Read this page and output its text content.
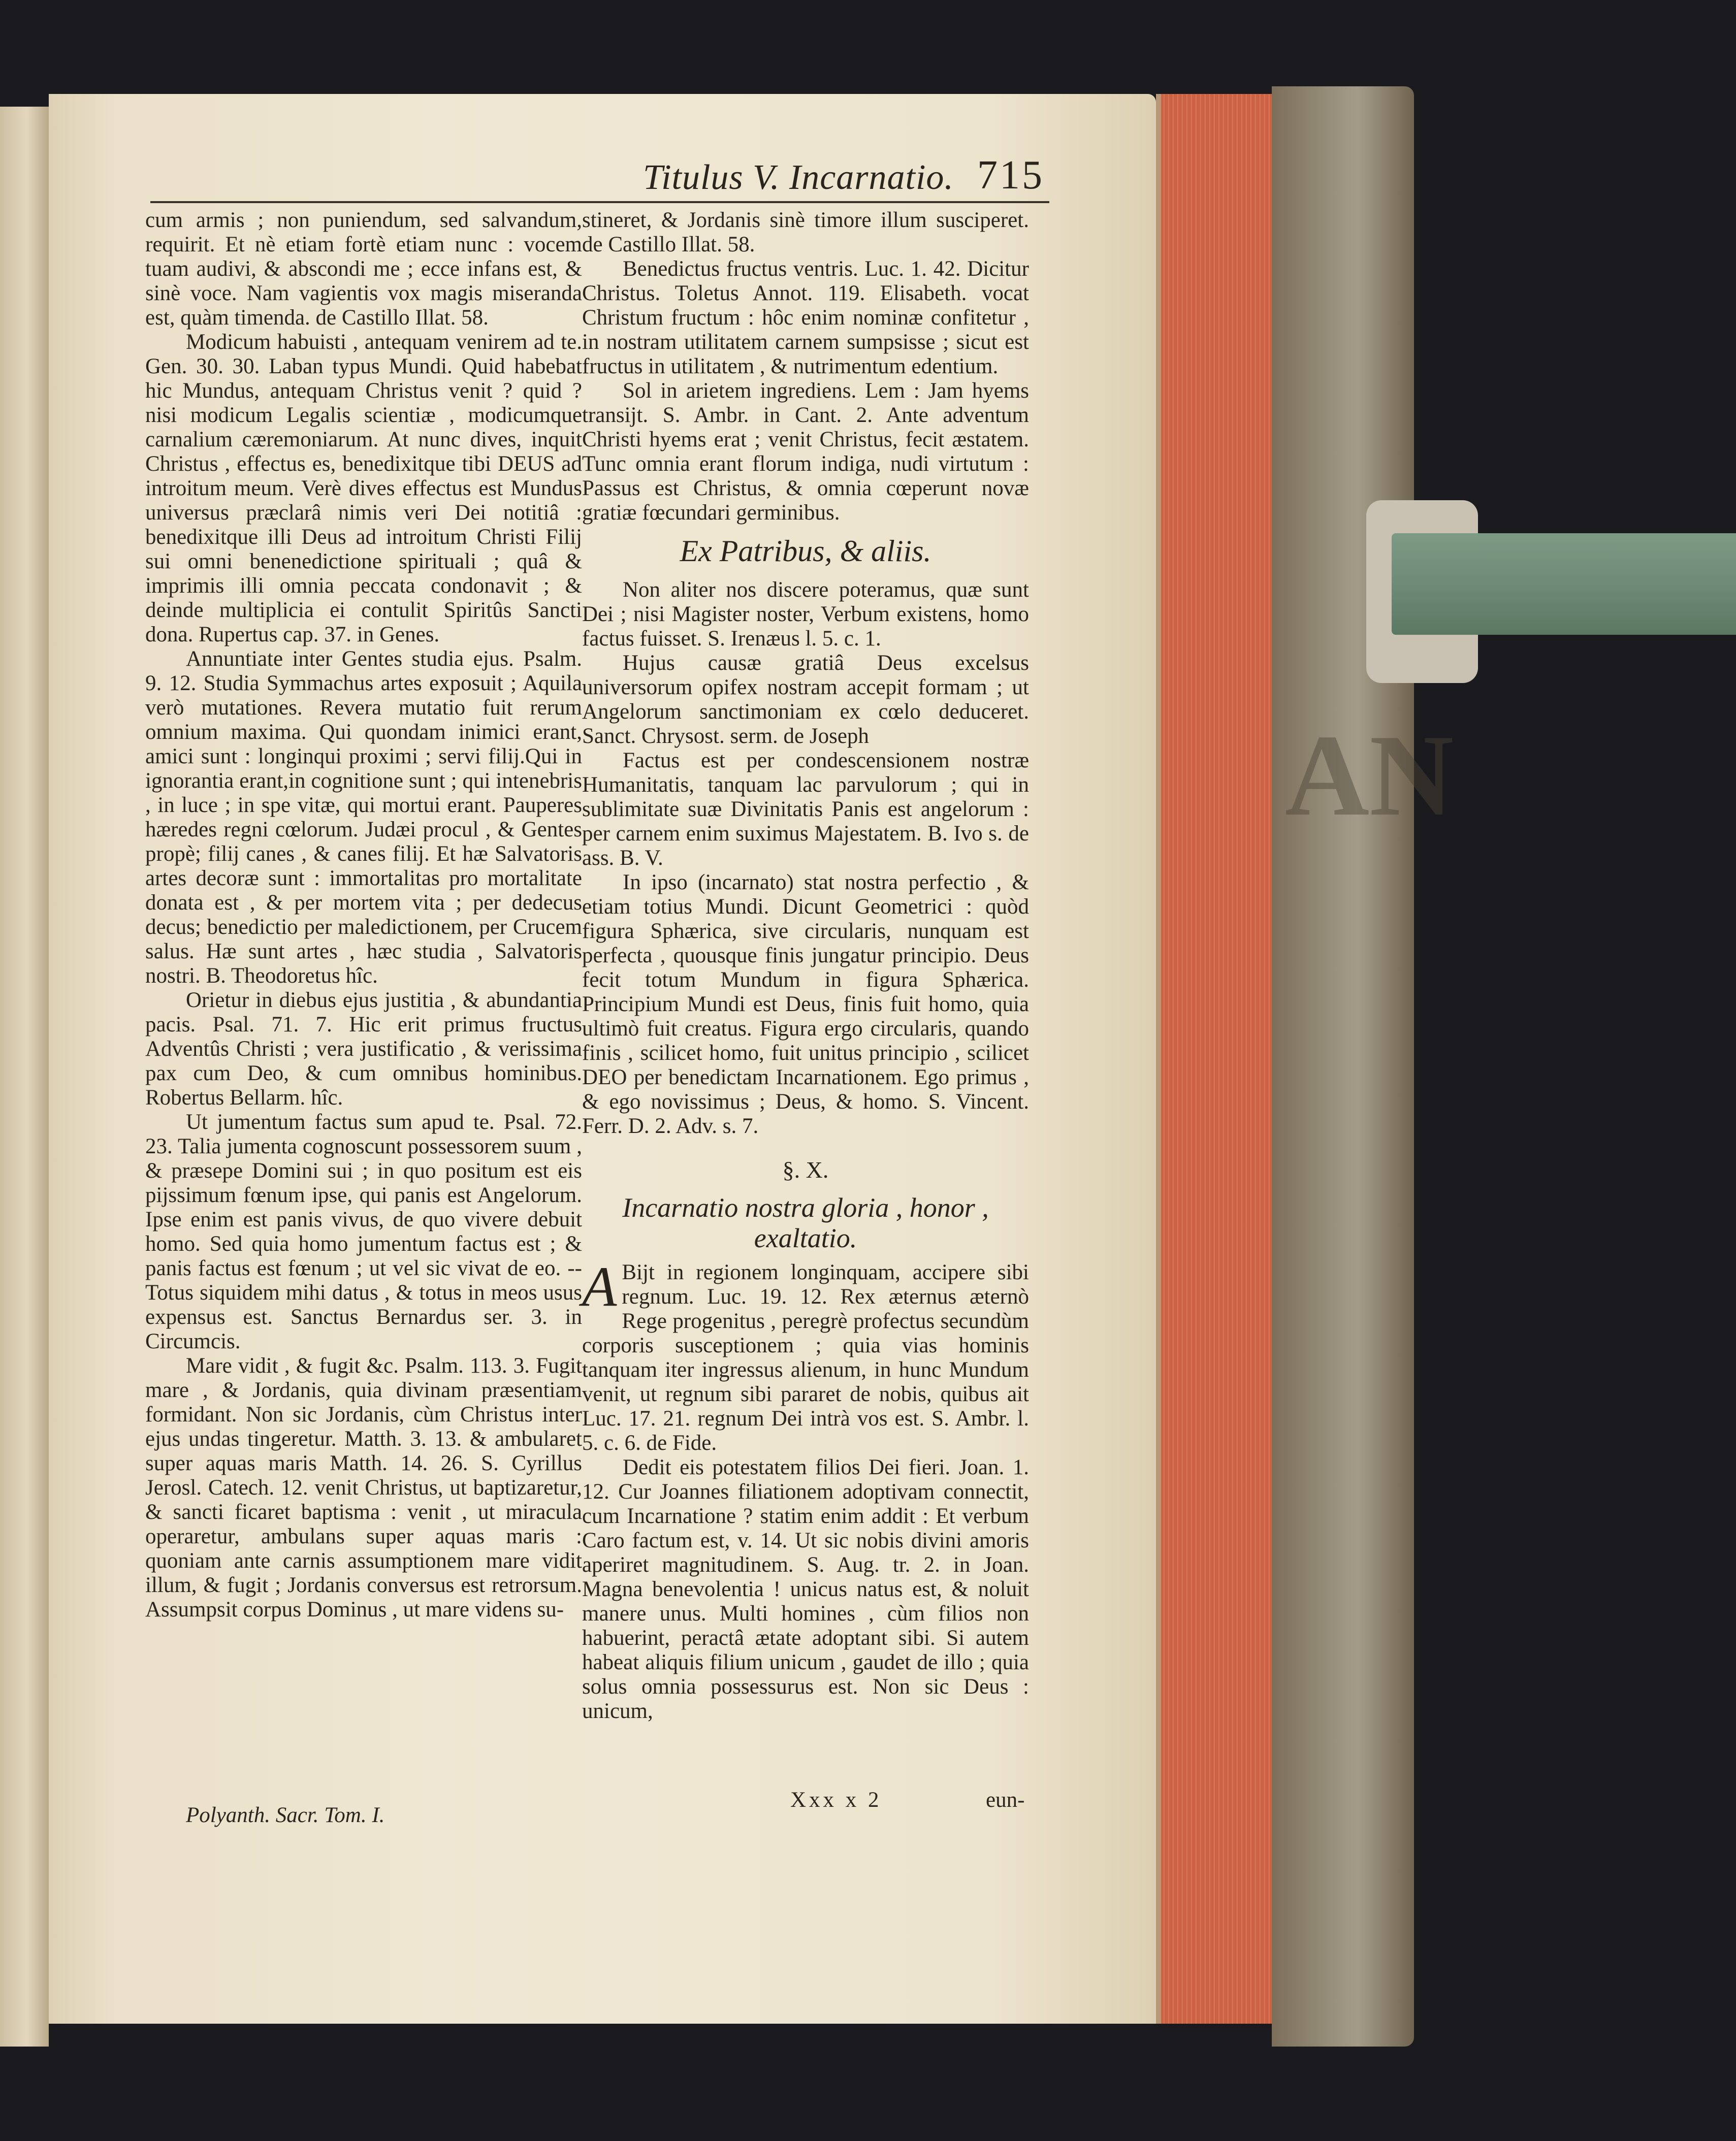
AN
Titulus V. Incarnatio. 715

cum armis ; non puniendum, sed salvandum, requirit. Et nè etiam fortè etiam nunc : vocem tuam audivi, & abscondi me ; ecce infans est, & sinè voce. Nam vagientis vox magis miseranda est, quàm timenda. de Castillo Illat. 58.

Modicum habuisti , antequam venirem ad te. Gen. 30. 30. Laban typus Mundi. Quid habebat hic Mundus, antequam Christus venit ? quid ? nisi modicum Legalis scientiæ , modicumque carnalium cæremoniarum. At nunc dives, inquit Christus , effectus es, benedixitque tibi DEUS ad introitum meum. Verè dives effectus est Mundus universus præclarâ nimis veri Dei notitiâ : benedixitque illi Deus ad introitum Christi Filij sui omni benenedictione spirituali ; quâ & imprimis illi omnia peccata condonavit ; & deinde multiplicia ei contulit Spiritûs Sancti dona. Rupertus cap. 37. in Genes.

Annuntiate inter Gentes studia ejus. Psalm. 9. 12. Studia Symmachus artes exposuit ; Aquila verò mutationes. Revera mutatio fuit rerum omnium maxima. Qui quondam inimici erant, amici sunt : longinqui proximi ; servi filij.Qui in ignorantia erant,in cognitione sunt ; qui intenebris , in luce ; in spe vitæ, qui mortui erant. Pauperes hæredes regni cœlorum. Judæi procul , & Gentes propè; filij canes , & canes filij. Et hæ Salvatoris artes decoræ sunt : immortalitas pro mortalitate donata est , & per mortem vita ; per dedecus decus; benedictio per maledictionem, per Crucem salus. Hæ sunt artes , hæc studia , Salvatoris nostri. B. Theodoretus hîc.

Orietur in diebus ejus justitia , & abundantia pacis. Psal. 71. 7. Hic erit primus fructus Adventûs Christi ; vera justificatio , & verissima pax cum Deo, & cum omnibus hominibus. Robertus Bellarm. hîc.

Ut jumentum factus sum apud te. Psal. 72. 23. Talia jumenta cognoscunt possessorem suum , & præsepe Domini sui ; in quo positum est eis pijssimum fœnum ipse, qui panis est Angelorum. Ipse enim est panis vivus, de quo vivere debuit homo. Sed quia homo jumentum factus est ; & panis factus est fœnum ; ut vel sic vivat de eo. -- Totus siquidem mihi datus , & totus in meos usus expensus est. Sanctus Bernardus ser. 3. in Circumcis.

Mare vidit , & fugit &c. Psalm. 113. 3. Fugit mare , & Jordanis, quia divinam præsentiam formidant. Non sic Jordanis, cùm Christus inter ejus undas tingeretur. Matth. 3. 13. & ambularet super aquas maris Matth. 14. 26. S. Cyrillus Jerosl. Catech. 12. venit Christus, ut baptizaretur, & sancti ficaret baptisma : venit , ut miracula operaretur, ambulans super aquas maris : quoniam ante carnis assumptionem mare vidit illum, & fugit ; Jordanis conversus est retrorsum. Assumpsit corpus Dominus , ut mare videns su-

stineret, & Jordanis sinè timore illum susciperet. de Castillo Illat. 58.

Benedictus fructus ventris. Luc. 1. 42. Dicitur Christus. Toletus Annot. 119. Elisabeth. vocat Christum fructum : hôc enim nominæ confitetur , in nostram utilitatem carnem sumpsisse ; sicut est fructus in utilitatem , & nutrimentum edentium.

Sol in arietem ingrediens. Lem : Jam hyems transijt. S. Ambr. in Cant. 2. Ante adventum Christi hyems erat ; venit Christus, fecit æstatem. Tunc omnia erant florum indiga, nudi virtutum : Passus est Christus, & omnia cœperunt novæ gratiæ fœcundari germinibus.

Ex Patribus, & aliis.

Non aliter nos discere poteramus, quæ sunt Dei ; nisi Magister noster, Verbum existens, homo factus fuisset. S. Irenæus l. 5. c. 1.

Hujus causæ gratiâ Deus excelsus universorum opifex nostram accepit formam ; ut Angelorum sanctimoniam ex cœlo deduceret. Sanct. Chrysost. serm. de Joseph

Factus est per condescensionem nostræ Humanitatis, tanquam lac parvulorum ; qui in sublimitate suæ Divinitatis Panis est angelorum : per carnem enim suximus Majestatem. B. Ivo s. de ass. B. V.

In ipso (incarnato) stat nostra perfectio , & etiam totius Mundi. Dicunt Geometrici : quòd figura Sphærica, sive circularis, nunquam est perfecta , quousque finis jungatur principio. Deus fecit totum Mundum in figura Sphærica. Principium Mundi est Deus, finis fuit homo, quia ultimò fuit creatus. Figura ergo circularis, quando finis , scilicet homo, fuit unitus principio , scilicet DEO per benedictam Incarnationem. Ego primus , & ego novissimus ; Deus, & homo. S. Vincent. Ferr. D. 2. Adv. s. 7.

§. X.
Incarnatio nostra gloria , honor , exaltatio.

A Bijt in regionem longinquam, accipere sibi regnum. Luc. 19. 12. Rex æternus æternò Rege progenitus , peregrè profectus secundùm corporis susceptionem ; quia vias hominis tanquam iter ingressus alienum, in hunc Mundum venit, ut regnum sibi pararet de nobis, quibus ait Luc. 17. 21. regnum Dei intrà vos est. S. Ambr. l. 5. c. 6. de Fide.

Dedit eis potestatem filios Dei fieri. Joan. 1. 12. Cur Joannes filiationem adoptivam connectit, cum Incarnatione ? statim enim addit : Et verbum Caro factum est, v. 14. Ut sic nobis divini amoris aperiret magnitudinem. S. Aug. tr. 2. in Joan. Magna benevolentia ! unicus natus est, & noluit manere unus. Multi homines , cùm filios non habuerint, peractâ ætate adoptant sibi. Si autem habeat aliquis filium unicum , gaudet de illo ; quia solus omnia possessurus est. Non sic Deus : unicum,

Polyanth. Sacr. Tom. I.
Xxx x 2	eun-
